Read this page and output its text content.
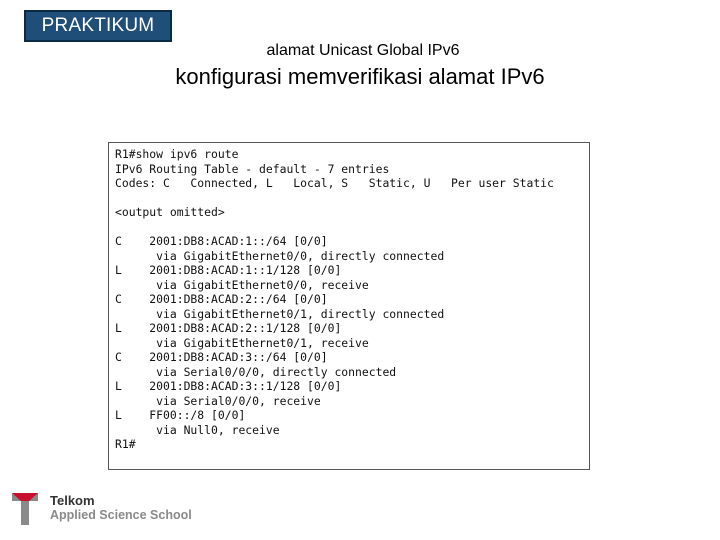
PRAKTIKUM
alamat Unicast Global IPv6
konfigurasi memverifikasi alamat IPv6
R1#show ipv6 route
IPv6 Routing Table - default - 7 entries
Codes: C   Connected, L   Local, S   Static, U   Per user Static
<output omitted>
C    2001:DB8:ACAD:1::/64 [0/0]
via GigabitEthernet0/0, directly connected
L    2001:DB8:ACAD:1::1/128 [0/0]
via GigabitEthernet0/0, receive
C    2001:DB8:ACAD:2::/64 [0/0]
via GigabitEthernet0/1, directly connected
L    2001:DB8:ACAD:2::1/128 [0/0]
via GigabitEthernet0/1, receive
C    2001:DB8:ACAD:3::/64 [0/0]
via Serial0/0/0, directly connected
L    2001:DB8:ACAD:3::1/128 [0/0]
via Serial0/0/0, receive
L    FF00::/8 [0/0]
via Null0, receive
R1#
Telkom
Applied Science School
